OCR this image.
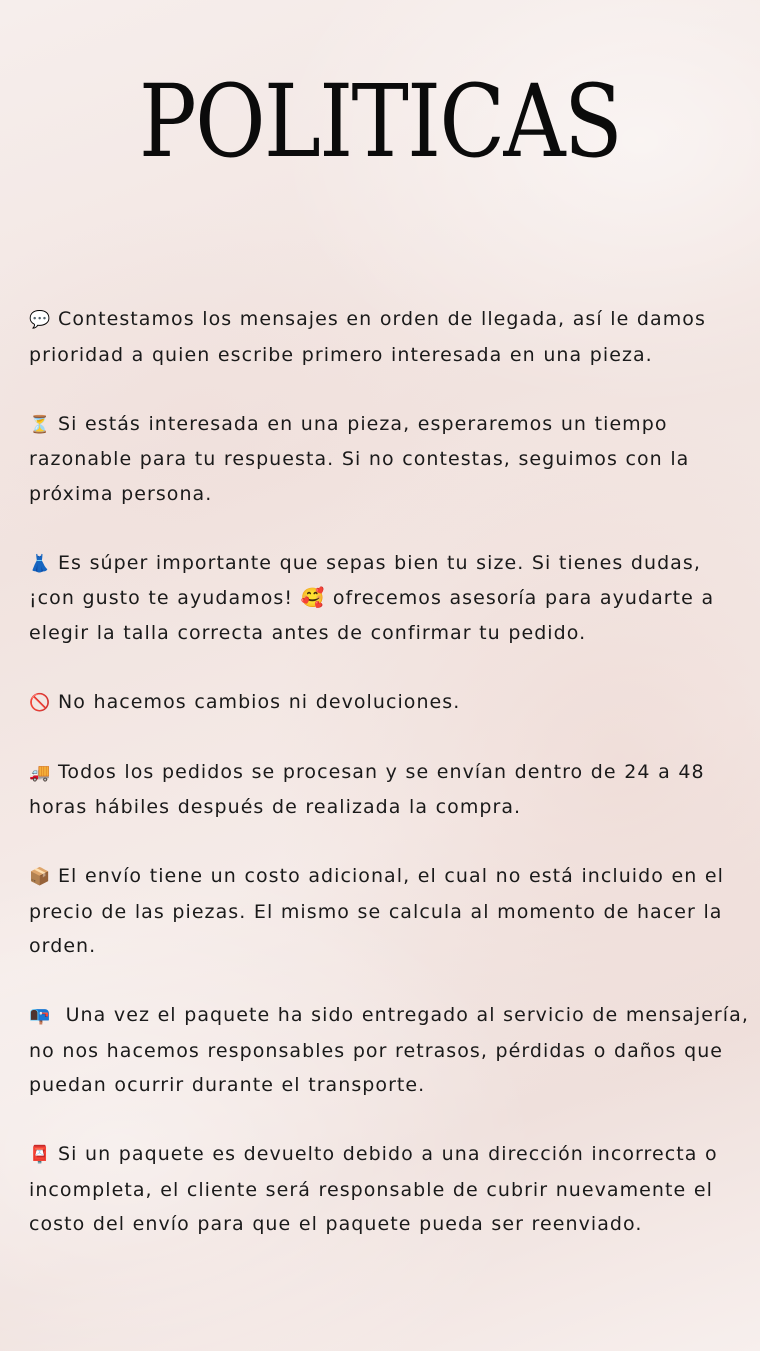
POLITICAS
💬 Contestamos los mensajes en orden de llegada, así le damos prioridad a quien escribe primero interesada en una pieza.
⏳ Si estás interesada en una pieza, esperaremos un tiempo razonable para tu respuesta. Si no contestas, seguimos con la próxima persona.
👗 Es súper importante que sepas bien tu size. Si tienes dudas, ¡con gusto te ayudamos! 🥰 ofrecemos asesoría para ayudarte a elegir la talla correcta antes de confirmar tu pedido.
🚫 No hacemos cambios ni devoluciones.
🚚 Todos los pedidos se procesan y se envían dentro de 24 a 48 horas hábiles después de realizada la compra.
📦 El envío tiene un costo adicional, el cual no está incluido en el precio de las piezas. El mismo se calcula al momento de hacer la orden.
📭 Una vez el paquete ha sido entregado al servicio de mensajería, no nos hacemos responsables por retrasos, pérdidas o daños que puedan ocurrir durante el transporte.
📮 Si un paquete es devuelto debido a una dirección incorrecta o incompleta, el cliente será responsable de cubrir nuevamente el costo del envío para que el paquete pueda ser reenviado.
